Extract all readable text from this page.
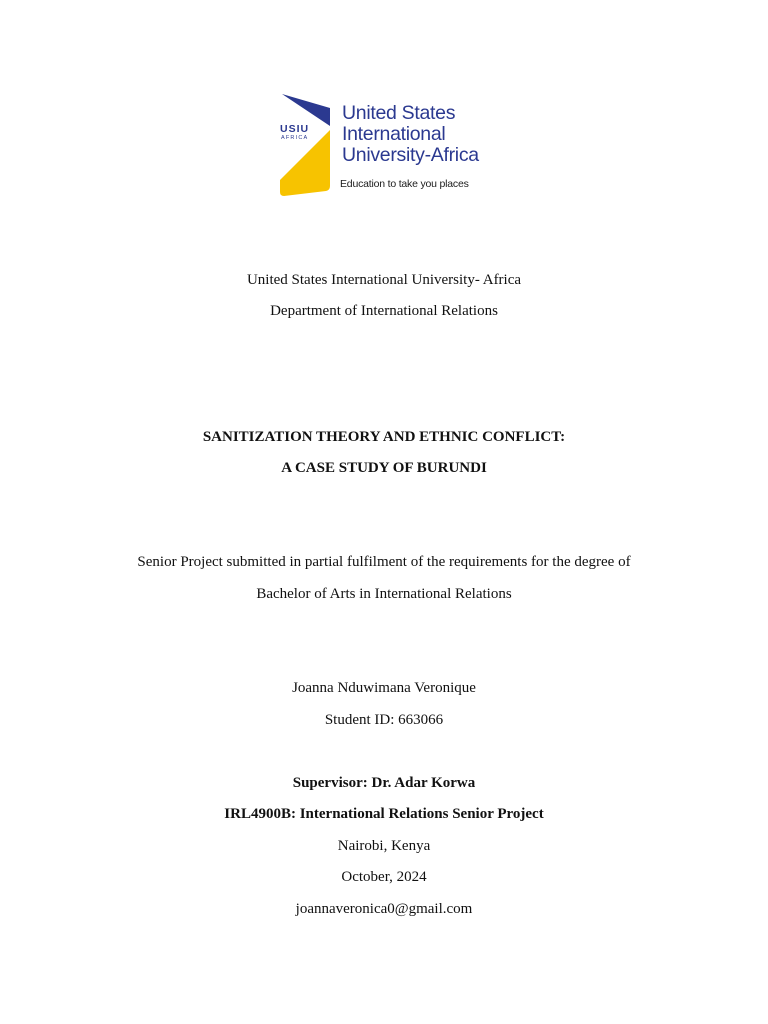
USIU
AFRICA
United States
International
University-Africa
Education to take you places
United States International University- Africa
Department of International Relations
SANITIZATION THEORY AND ETHNIC CONFLICT:
A CASE STUDY OF BURUNDI
Senior Project submitted in partial fulfilment of the requirements for the degree of
Bachelor of Arts in International Relations
Joanna Nduwimana Veronique
Student ID: 663066
Supervisor: Dr. Adar Korwa
IRL4900B: International Relations Senior Project
Nairobi, Kenya
October, 2024
joannaveronica0@gmail.com
